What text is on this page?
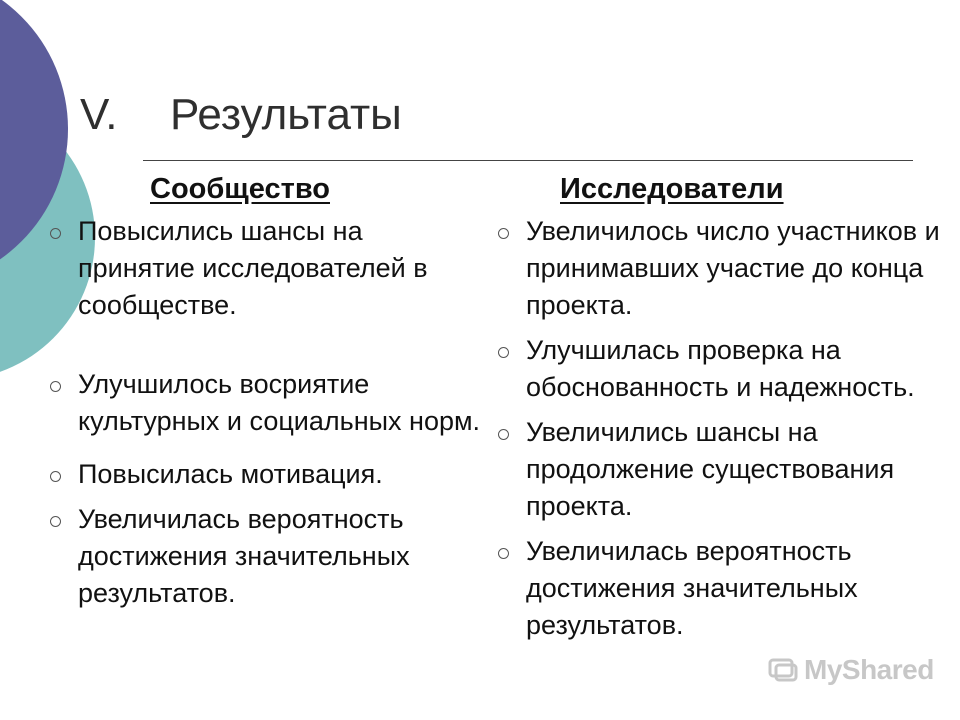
V.	Результаты
Сообщество	Исследователи
Повысились шансы на принятие исследователей в сообществе.
Улучшилось восриятие культурных и социальных норм.
Повысилась мотивация.
Увеличилась вероятность достижения значительных результатов.
Увеличилось число участников и принимавших участие до конца проекта.
Улучшилась проверка на обоснованность и надежность.
Увеличились шансы на продолжение существования проекта.
Увеличилась вероятность достижения значительных результатов.
MyShared
